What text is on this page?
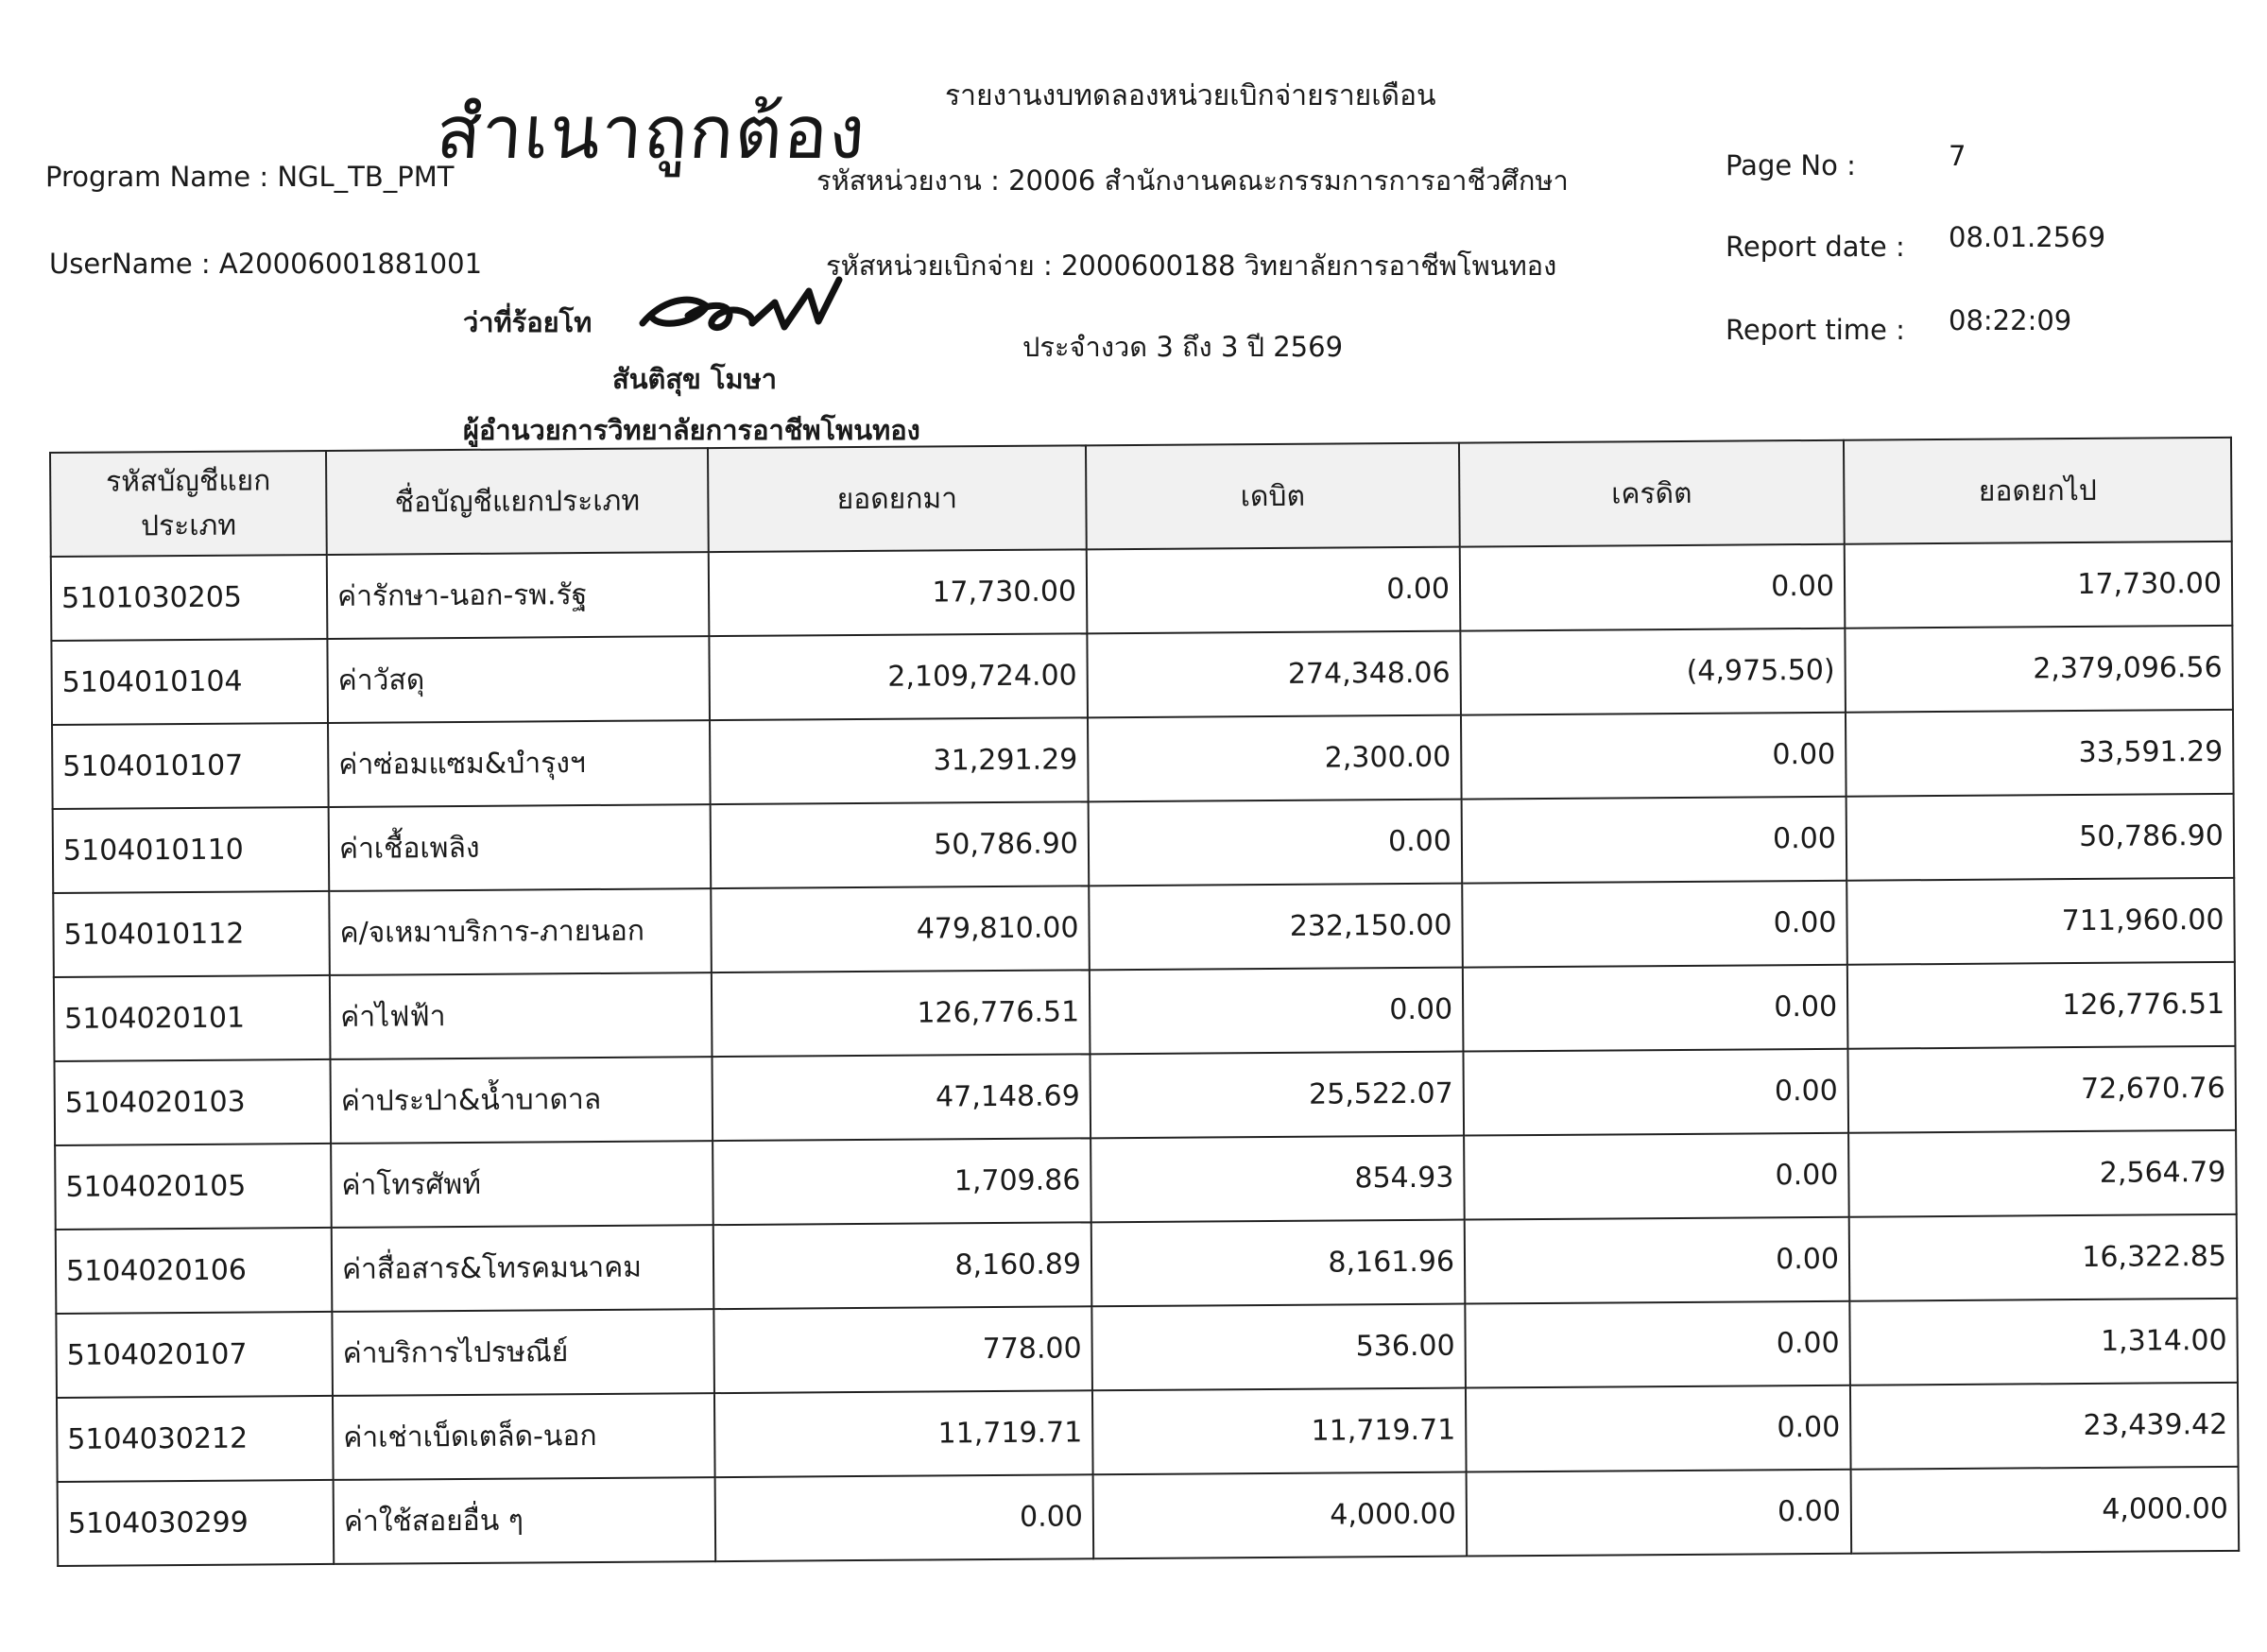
สำเนาถูกต้อง	รายงานงบทดลองหน่วยเบิกจ่ายรายเดือน
Program Name : NGL_TB_PMT
UserName : A20006001881001
รหัสหน่วยงาน : 20006 สำนักงานคณะกรรมการการอาชีวศึกษา
รหัสหน่วยเบิกจ่าย : 2000600188 วิทยาลัยการอาชีพโพนทอง
ประจำงวด 3 ถึง 3 ปี 2569
Page No :	7
Report date : 08.01.2569
Report time : 08:22:09
ว่าที่ร้อยโท
สันติสุข โมษา
ผู้อำนวยการวิทยาลัยการอาชีพโพนทอง
รหัสบัญชีแยกประเภท	ชื่อบัญชีแยกประเภท	ยอดยกมา	เดบิต	เครดิต	ยอดยกไป
5101030205	ค่ารักษา-นอก-รพ.รัฐ	17,730.00	0.00	0.00	17,730.00
5104010104	ค่าวัสดุ	2,109,724.00	274,348.06	(4,975.50)	2,379,096.56
5104010107	ค่าซ่อมแซม&บำรุงฯ	31,291.29	2,300.00	0.00	33,591.29
5104010110	ค่าเชื้อเพลิง	50,786.90	0.00	0.00	50,786.90
5104010112	ค/จเหมาบริการ-ภายนอก	479,810.00	232,150.00	0.00	711,960.00
5104020101	ค่าไฟฟ้า	126,776.51	0.00	0.00	126,776.51
5104020103	ค่าประปา&น้ำบาดาล	47,148.69	25,522.07	0.00	72,670.76
5104020105	ค่าโทรศัพท์	1,709.86	854.93	0.00	2,564.79
5104020106	ค่าสื่อสาร&โทรคมนาคม	8,160.89	8,161.96	0.00	16,322.85
5104020107	ค่าบริการไปรษณีย์	778.00	536.00	0.00	1,314.00
5104030212	ค่าเช่าเบ็ดเตล็ด-นอก	11,719.71	11,719.71	0.00	23,439.42
5104030299	ค่าใช้สอยอื่น ๆ	0.00	4,000.00	0.00	4,000.00
